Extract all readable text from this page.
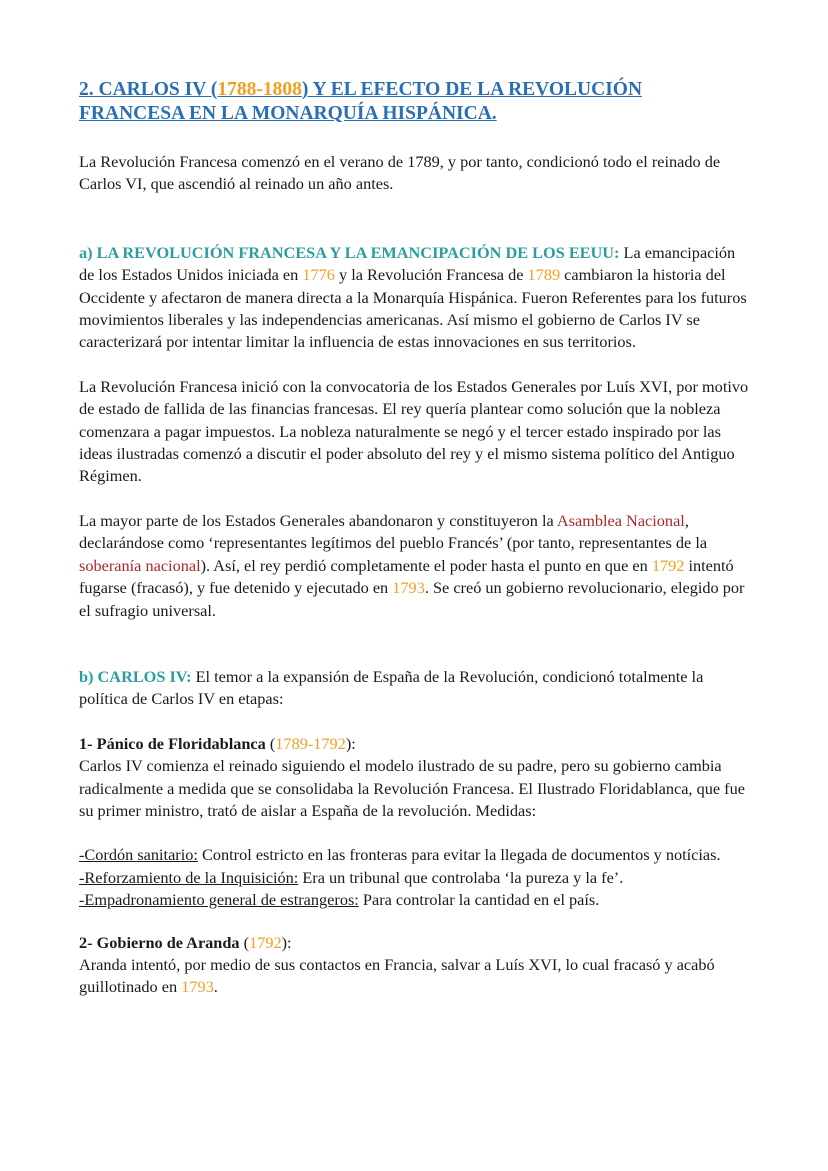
2. CARLOS IV (1788-1808) Y EL EFECTO DE LA REVOLUCIÓN FRANCESA EN LA MONARQUÍA HISPÁNICA.

La Revolución Francesa comenzó en el verano de 1789, y por tanto, condicionó todo el reinado de Carlos VI, que ascendió al reinado un año antes.

a) LA REVOLUCIÓN FRANCESA Y LA EMANCIPACIÓN DE LOS EEUU: La emancipación de los Estados Unidos iniciada en 1776 y la Revolución Francesa de 1789 cambiaron la historia del Occidente y afectaron de manera directa a la Monarquía Hispánica. Fueron Referentes para los futuros movimientos liberales y las independencias americanas. Así mismo el gobierno de Carlos IV se caracterizará por intentar limitar la influencia de estas innovaciones en sus territorios.

La Revolución Francesa inició con la convocatoria de los Estados Generales por Luís XVI, por motivo de estado de fallida de las financias francesas. El rey quería plantear como solución que la nobleza comenzara a pagar impuestos. La nobleza naturalmente se negó y el tercer estado inspirado por las ideas ilustradas comenzó a discutir el poder absoluto del rey y el mismo sistema político del Antiguo Régimen.

La mayor parte de los Estados Generales abandonaron y constituyeron la Asamblea Nacional, declarándose como ‘representantes legítimos del pueblo Francés’ (por tanto, representantes de la soberanía nacional). Así, el rey perdió completamente el poder hasta el punto en que en 1792 intentó fugarse (fracasó), y fue detenido y ejecutado en 1793. Se creó un gobierno revolucionario, elegido por el sufragio universal.

b) CARLOS IV: El temor a la expansión de España de la Revolución, condicionó totalmente la política de Carlos IV en etapas:

1- Pánico de Floridablanca (1789-1792):

Carlos IV comienza el reinado siguiendo el modelo ilustrado de su padre, pero su gobierno cambia radicalmente a medida que se consolidaba la Revolución Francesa. El Ilustrado Floridablanca, que fue su primer ministro, trató de aislar a España de la revolución. Medidas:

-Cordón sanitario: Control estricto en las fronteras para evitar la llegada de documentos y notícias.

-Reforzamiento de la Inquisición: Era un tribunal que controlaba ‘la pureza y la fe’.

-Empadronamiento general de estrangeros: Para controlar la cantidad en el país.

2- Gobierno de Aranda (1792):

Aranda intentó, por medio de sus contactos en Francia, salvar a Luís XVI, lo cual fracasó y acabó guillotinado en 1793.
